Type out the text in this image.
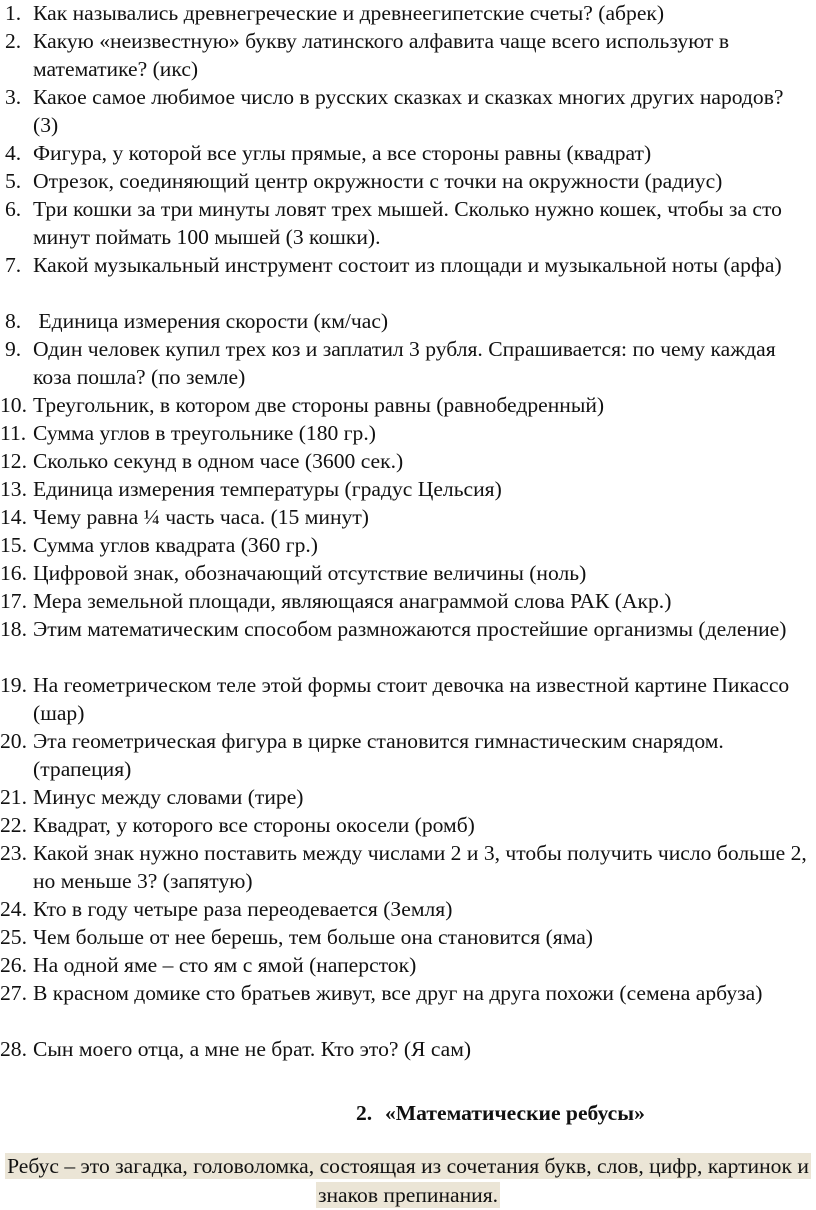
1. Как назывались древнегреческие и древнеегипетские счеты? (абрек)
2. Какую «неизвестную» букву латинского алфавита чаще всего используют в математике? (икс)
3. Какое самое любимое число в русских сказках и сказках многих других народов? (3)
4. Фигура, у которой все углы прямые, а все стороны равны (квадрат)
5. Отрезок, соединяющий центр окружности с точки на окружности (радиус)
6. Три кошки за три минуты ловят трех мышей. Сколько нужно кошек, чтобы за сто минут поймать 100 мышей (3 кошки).
7. Какой музыкальный инструмент состоит из площади и музыкальной ноты (арфа)
8. Единица измерения скорости (км/час)
9. Один человек купил трех коз и заплатил 3 рубля. Спрашивается: по чему каждая коза пошла? (по земле)
10. Треугольник, в котором две стороны равны (равнобедренный)
11. Сумма углов в треугольнике (180 гр.)
12. Сколько секунд в одном часе (3600 сек.)
13. Единица измерения температуры (градус Цельсия)
14. Чему равна ¼ часть часа. (15 минут)
15. Сумма углов квадрата (360 гр.)
16. Цифровой знак, обозначающий отсутствие величины (ноль)
17. Мера земельной площади, являющаяся анаграммой слова РАК (Акр.)
18. Этим математическим способом размножаются простейшие организмы (деление)
19. На геометрическом теле этой формы стоит девочка на известной картине Пикассо (шар)
20. Эта геометрическая фигура в цирке становится гимнастическим снарядом. (трапеция)
21. Минус между словами (тире)
22. Квадрат, у которого все стороны окосели (ромб)
23. Какой знак нужно поставить между числами 2 и 3, чтобы получить число больше 2, но меньше 3? (запятую)
24. Кто в году четыре раза переодевается (Земля)
25. Чем больше от нее берешь, тем больше она становится (яма)
26. На одной яме – сто ям с ямой (наперсток)
27. В красном домике сто братьев живут, все друг на друга похожи (семена арбуза)
28. Сын моего отца, а мне не брат. Кто это? (Я сам)
2. «Математические ребусы»
Ребус – это загадка, головоломка, состоящая из сочетания букв, слов, цифр, картинок и знаков препинания.
